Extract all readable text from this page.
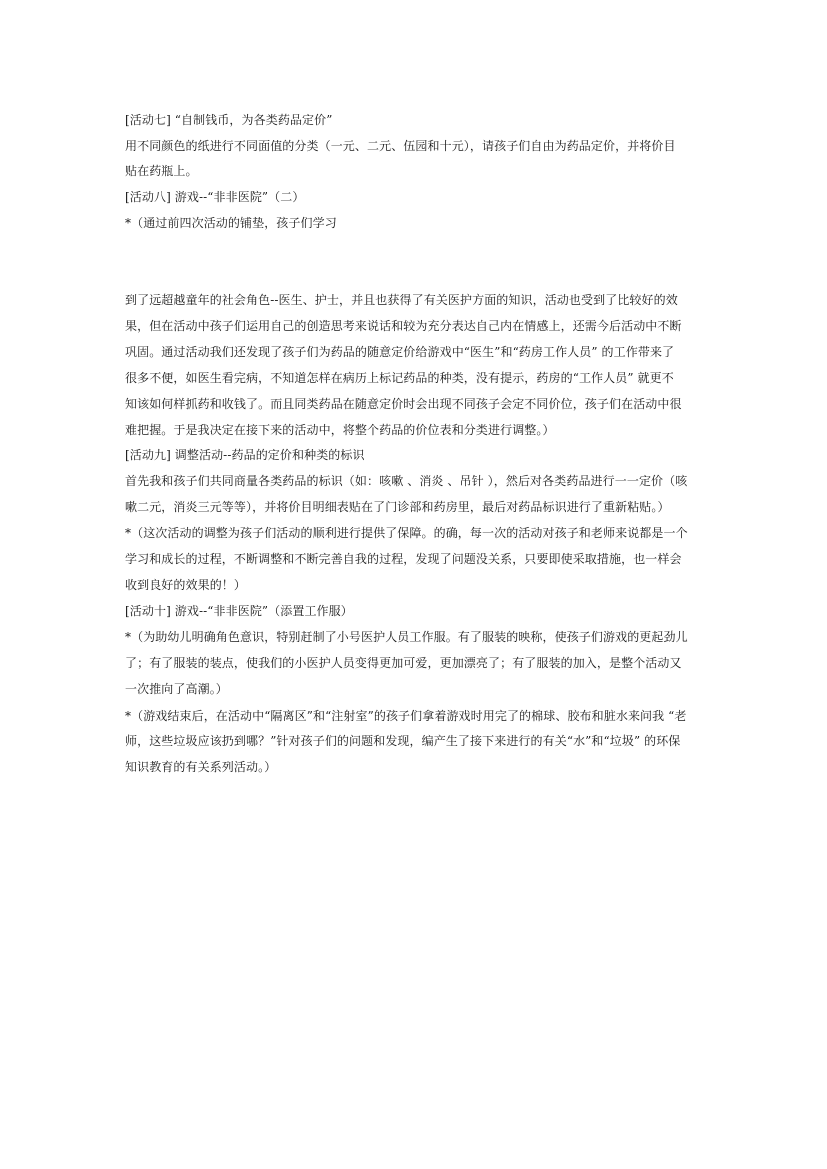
[活动七] “自制钱币，为各类药品定价”
用不同颜色的纸进行不同面值的分类（一元、二元、伍园和十元），请孩子们自由为药品定价，并将价目
贴在药瓶上。
[活动八] 游戏--“非非医院”（二）
*（通过前四次活动的铺垫，孩子们学习
到了远超越童年的社会角色--医生、护士，并且也获得了有关医护方面的知识，活动也受到了比较好的效
果，但在活动中孩子们运用自己的创造思考来说话和较为充分表达自己内在情感上，还需今后活动中不断
巩固。通过活动我们还发现了孩子们为药品的随意定价给游戏中“医生”和“药房工作人员” 的工作带来了
很多不便，如医生看完病，不知道怎样在病历上标记药品的种类，没有提示，药房的“工作人员” 就更不
知该如何样抓药和收钱了。而且同类药品在随意定价时会出现不同孩子会定不同价位，孩子们在活动中很
难把握。于是我决定在接下来的活动中，将整个药品的价位表和分类进行调整。）
[活动九] 调整活动--药品的定价和种类的标识
首先我和孩子们共同商量各类药品的标识（如：咳嗽 、消炎 、吊针 ），然后对各类药品进行一一定价（咳
嗽二元，消炎三元等等），并将价目明细表贴在了门诊部和药房里，最后对药品标识进行了重新粘贴。）
*（这次活动的调整为孩子们活动的顺利进行提供了保障。的确，每一次的活动对孩子和老师来说都是一个
学习和成长的过程，不断调整和不断完善自我的过程，发现了问题没关系，只要即使采取措施，也一样会
收到良好的效果的！）
[活动十] 游戏--“非非医院”（添置工作服）
*（为助幼儿明确角色意识，特别赶制了小号医护人员工作服。有了服装的映称，使孩子们游戏的更起劲儿
了；有了服装的装点，使我们的小医护人员变得更加可爱，更加漂亮了；有了服装的加入，是整个活动又
一次推向了高潮。）
*（游戏结束后，在活动中“隔离区”和“注射室”的孩子们拿着游戏时用完了的棉球、胶布和脏水来问我 “老
师，这些垃圾应该扔到哪？”针对孩子们的问题和发现，编产生了接下来进行的有关“水”和“垃圾” 的环保
知识教育的有关系列活动。）
